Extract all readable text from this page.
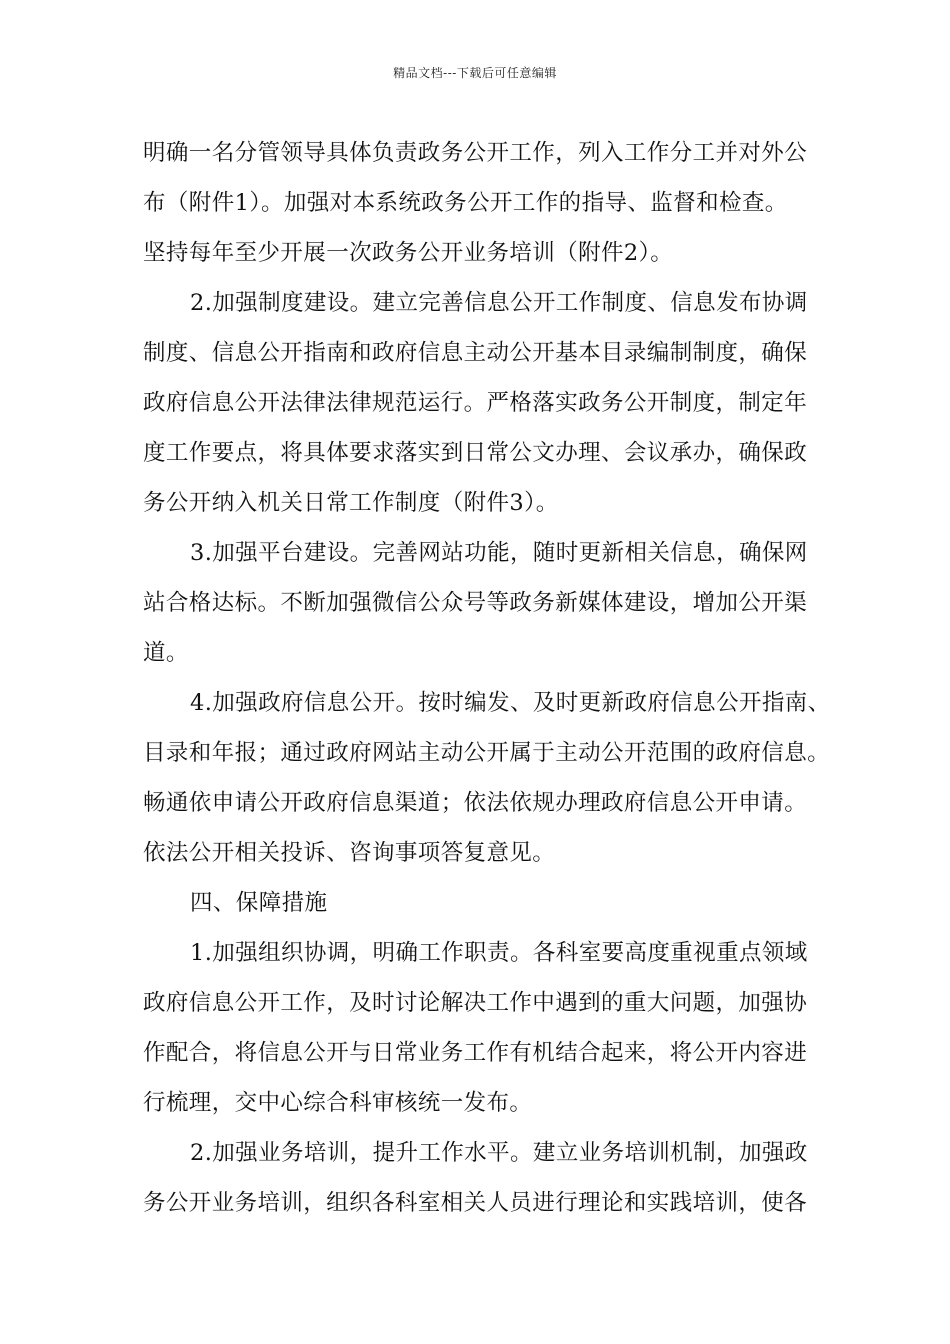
精品文档---下载后可任意编辑
明确一名分管领导具体负责政务公开工作，列入工作分工并对外公
布（附件1）。加强对本系统政务公开工作的指导、监督和检查。
坚持每年至少开展一次政务公开业务培训（附件2）。
2.加强制度建设。建立完善信息公开工作制度、信息发布协调
制度、信息公开指南和政府信息主动公开基本目录编制制度，确保
政府信息公开法律法律规范运行。严格落实政务公开制度，制定年
度工作要点，将具体要求落实到日常公文办理、会议承办，确保政
务公开纳入机关日常工作制度（附件3）。
3.加强平台建设。完善网站功能，随时更新相关信息，确保网
站合格达标。不断加强微信公众号等政务新媒体建设，增加公开渠
道。
4.加强政府信息公开。按时编发、及时更新政府信息公开指南、
目录和年报；通过政府网站主动公开属于主动公开范围的政府信息。
畅通依申请公开政府信息渠道；依法依规办理政府信息公开申请。
依法公开相关投诉、咨询事项答复意见。
四、保障措施
1.加强组织协调，明确工作职责。各科室要高度重视重点领域
政府信息公开工作，及时讨论解决工作中遇到的重大问题，加强协
作配合，将信息公开与日常业务工作有机结合起来，将公开内容进
行梳理，交中心综合科审核统一发布。
2.加强业务培训，提升工作水平。建立业务培训机制，加强政
务公开业务培训，组织各科室相关人员进行理论和实践培训，使各
